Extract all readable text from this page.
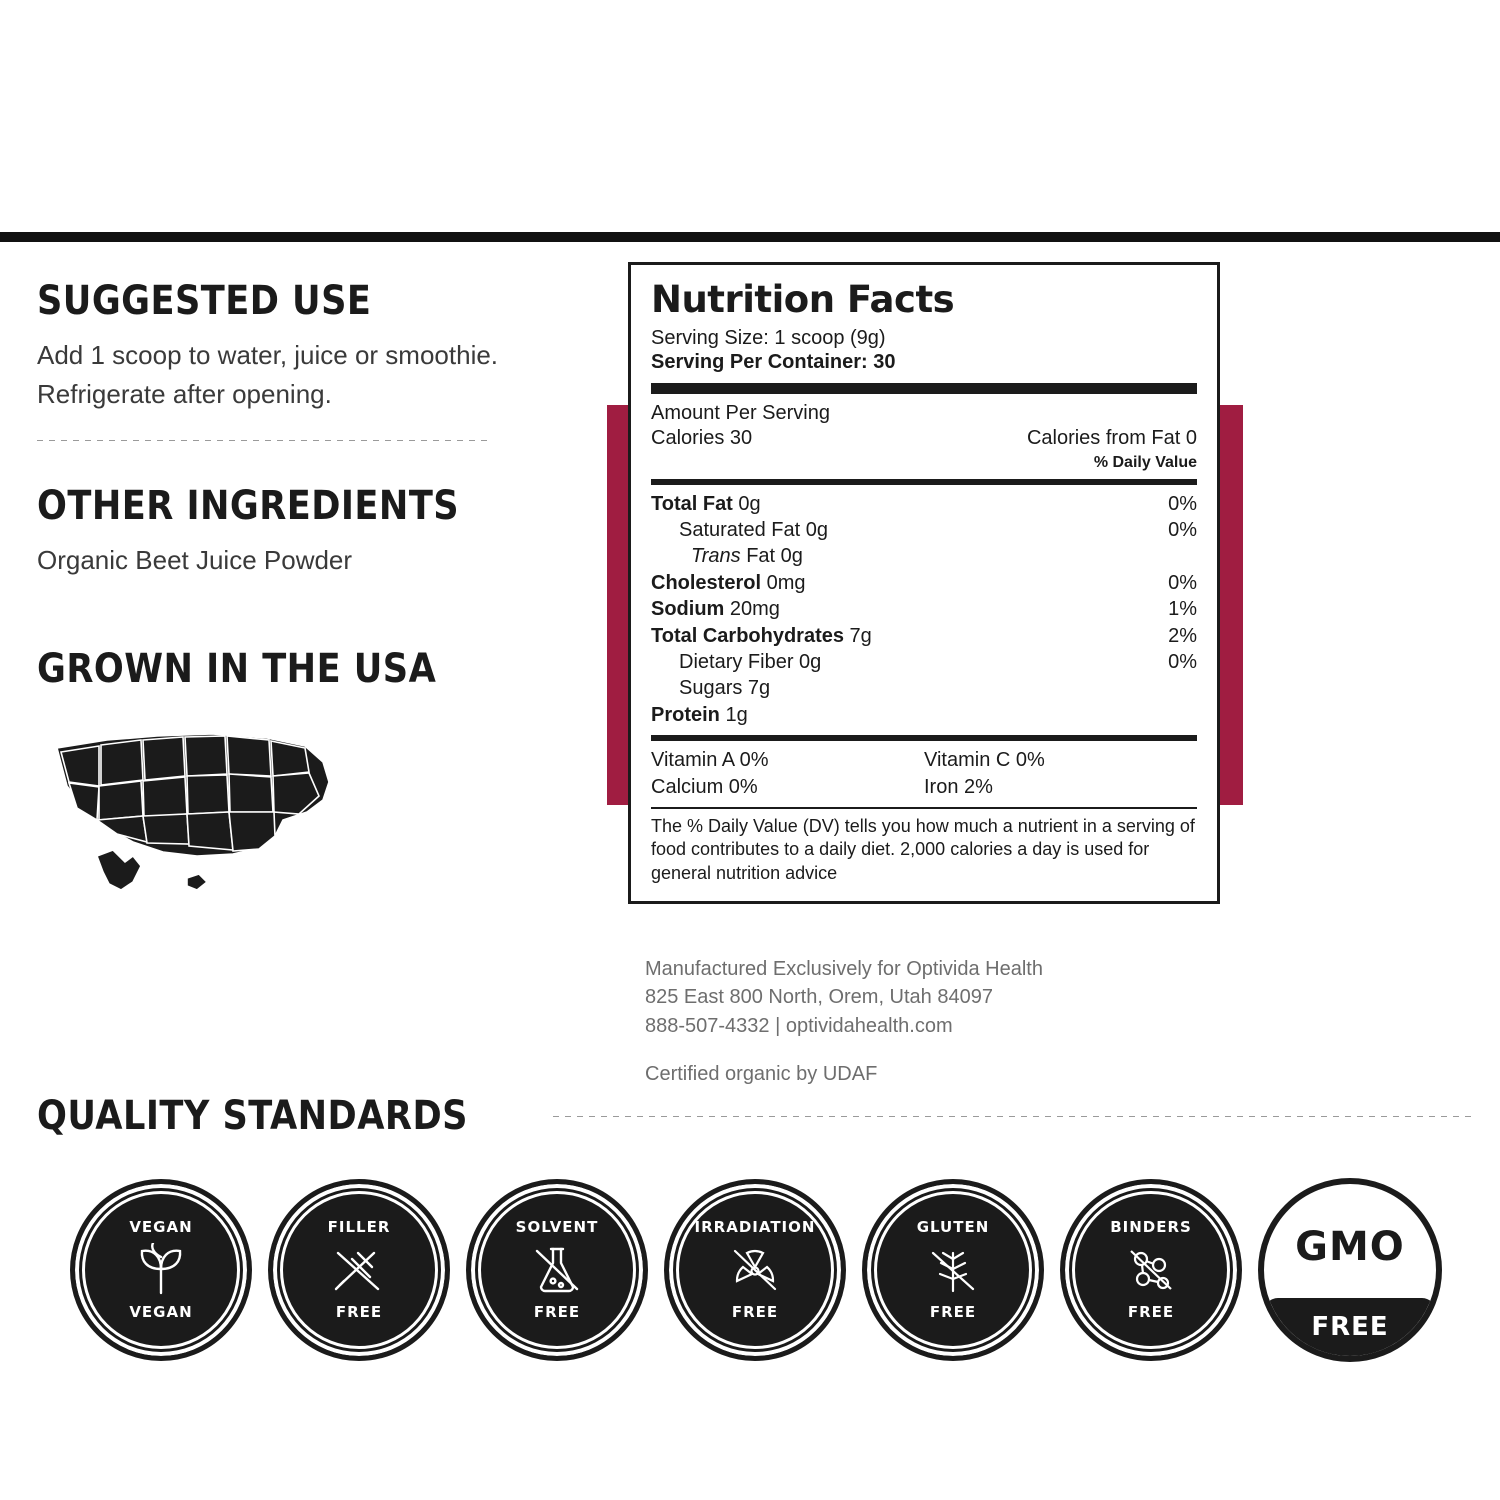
SUGGESTED USE

Add 1 scoop to water, juice or smoothie. Refrigerate after opening.

OTHER INGREDIENTS

Organic Beet Juice Powder

GROWN IN THE USA
QUALITY STANDARDS
VEGAN
VEGAN
FILLER
FREE
SOLVENT
FREE
IRRADIATION
FREE
GLUTEN
FREE
BINDERS
FREE
GMO
FREE
Nutrition Facts
Serving Size: 1 scoop (9g)
Serving Per Container: 30
Amount Per Serving
Calories 30	Calories from Fat 0
% Daily Value
Total Fat 0g	0%
Saturated Fat 0g	0%
Trans Fat 0g
Cholesterol 0mg	0%
Sodium 20mg	1%
Total Carbohydrates 7g	2%
Dietary Fiber 0g	0%
Sugars 7g
Protein 1g
Vitamin A 0%	Vitamin C 0%
Calcium 0%	Iron 2%
The % Daily Value (DV) tells you how much a nutrient in a serving of food contributes to a daily diet. 2,000 calories a day is used for general nutrition advice
Manufactured Exclusively for Optivida Health
825 East 800 North, Orem, Utah 84097
888-507-4332 | optividahealth.com
Certified organic by UDAF
